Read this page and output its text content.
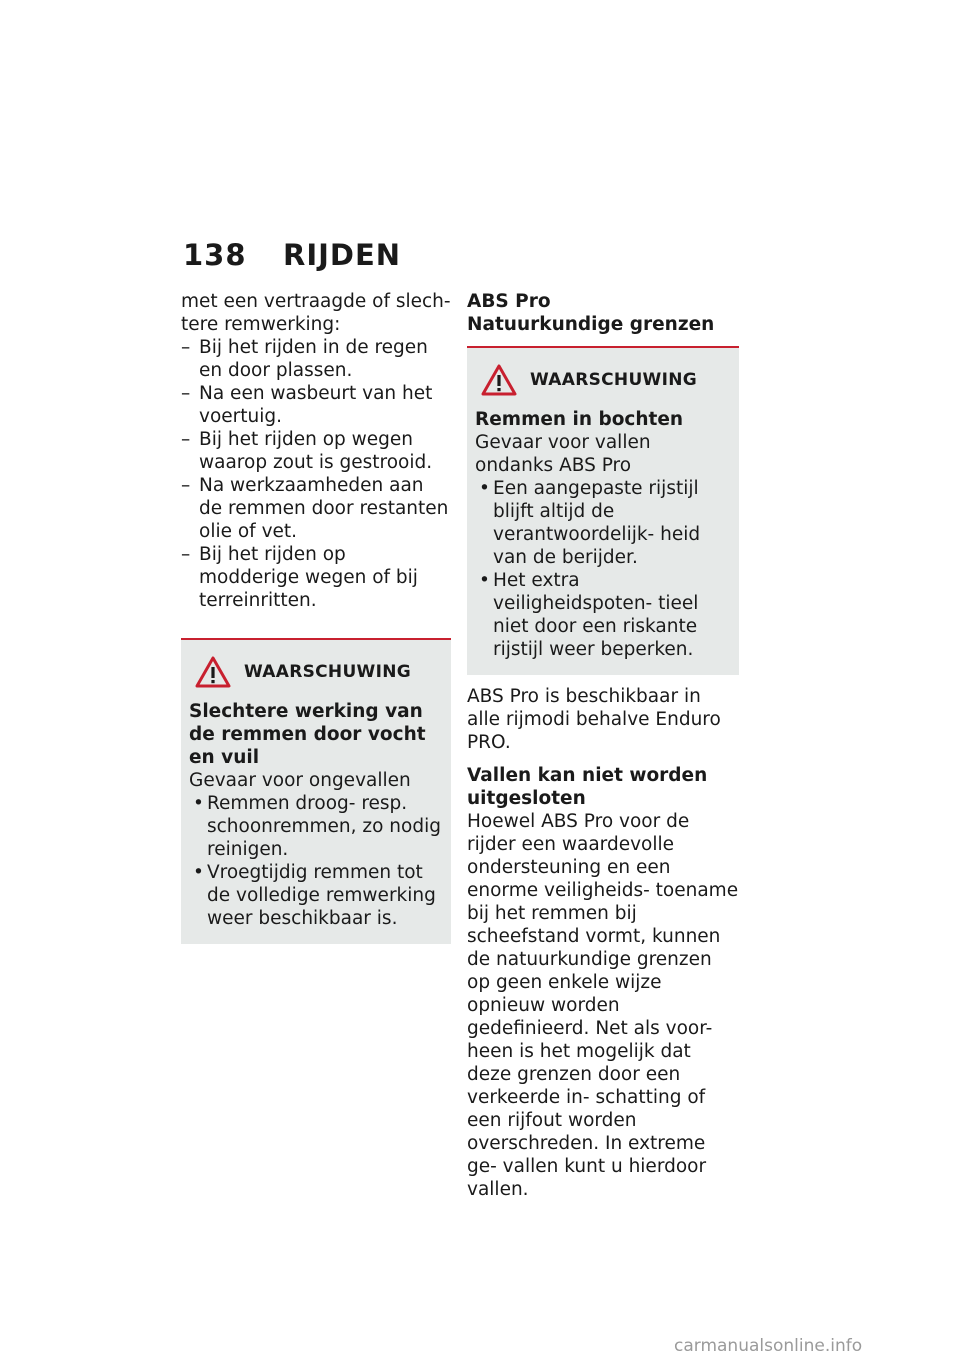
138 RIJDEN

met een vertraagde of slech- tere remwerking:

– Bij het rijden in de regen en door plassen.
– Na een wasbeurt van het voertuig.
– Bij het rijden op wegen waarop zout is gestrooid.
– Na werkzaamheden aan de remmen door restanten olie of vet.
– Bij het rijden op modderige wegen of bij terreinritten.
WAARSCHUWING

Slechtere werking van de remmen door vocht en vuil

Gevaar voor ongevallen

• Remmen droog- resp. schoonremmen, zo nodig reinigen.
• Vroegtijdig remmen tot de volledige remwerking weer beschikbaar is.

ABS Pro

Natuurkundige grenzen

WAARSCHUWING

Remmen in bochten

Gevaar voor vallen ondanks ABS Pro

• Een aangepaste rijstijl blijft altijd de verantwoordelijk- heid van de berijder.
• Het extra veiligheidspoten- tieel niet door een riskante rijstijl weer beperken.

ABS Pro is beschikbaar in alle rijmodi behalve Enduro PRO.

Vallen kan niet worden uitgesloten

Hoewel ABS Pro voor de rijder een waardevolle ondersteuning en een enorme veiligheids- toename bij het remmen bij scheefstand vormt, kunnen de natuurkundige grenzen op geen enkele wijze opnieuw worden gedefinieerd. Net als voor- heen is het mogelijk dat deze grenzen door een verkeerde in- schatting of een rijfout worden overschreden. In extreme ge- vallen kunt u hierdoor vallen.

carmanualsonline.info
